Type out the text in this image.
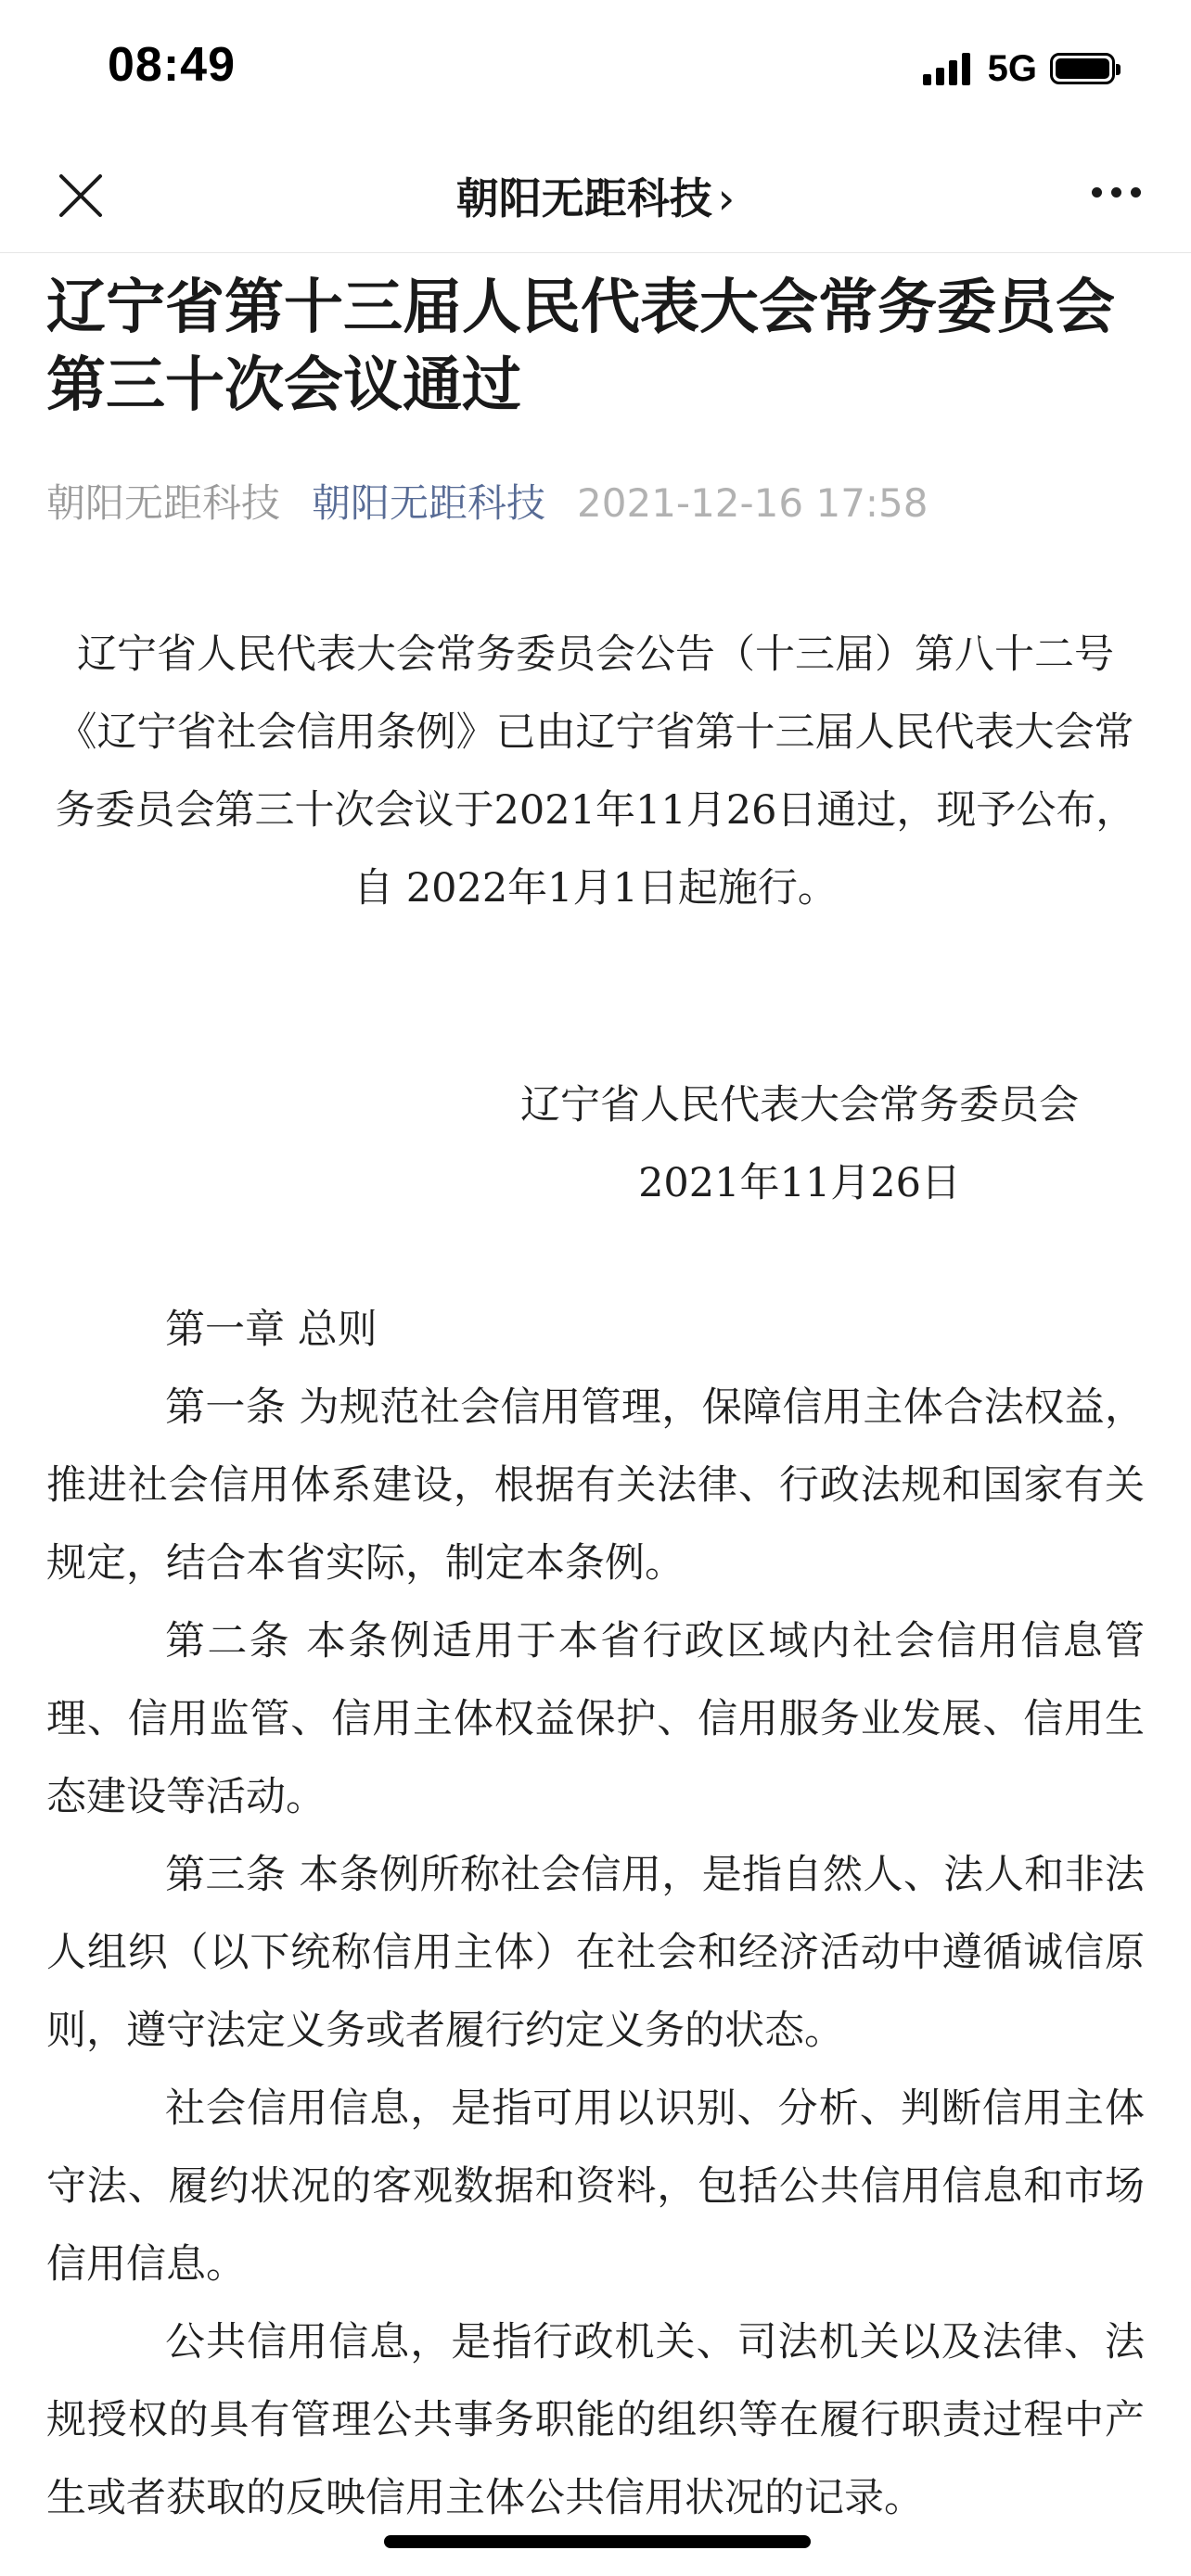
08:49	5G
朝阳无距科技 ›
辽宁省第十三届人民代表大会常务委员会 第三十次会议通过
朝阳无距科技 朝阳无距科技 2021-12-16 17:58
辽宁省人民代表大会常务委员会公告（十三届）第八十二号
《辽宁省社会信用条例》已由辽宁省第十三届人民代表大会常务委员会第三十次会议于2021年11月26日通过，现予公布，自 2022年1月1日起施行。
辽宁省人民代表大会常务委员会
2021年11月26日
第一章 总则
第一条 为规范社会信用管理，保障信用主体合法权益，推进社会信用体系建设，根据有关法律、行政法规和国家有关规定，结合本省实际，制定本条例。
第二条 本条例适用于本省行政区域内社会信用信息管理、信用监管、信用主体权益保护、信用服务业发展、信用生态建设等活动。
第三条 本条例所称社会信用，是指自然人、法人和非法人组织（以下统称信用主体）在社会和经济活动中遵循诚信原则，遵守法定义务或者履行约定义务的状态。
社会信用信息，是指可用以识别、分析、判断信用主体守法、履约状况的客观数据和资料，包括公共信用信息和市场信用信息。
公共信用信息，是指行政机关、司法机关以及法律、法规授权的具有管理公共事务职能的组织等在履行职责过程中产生或者获取的反映信用主体公共信用状况的记录。
